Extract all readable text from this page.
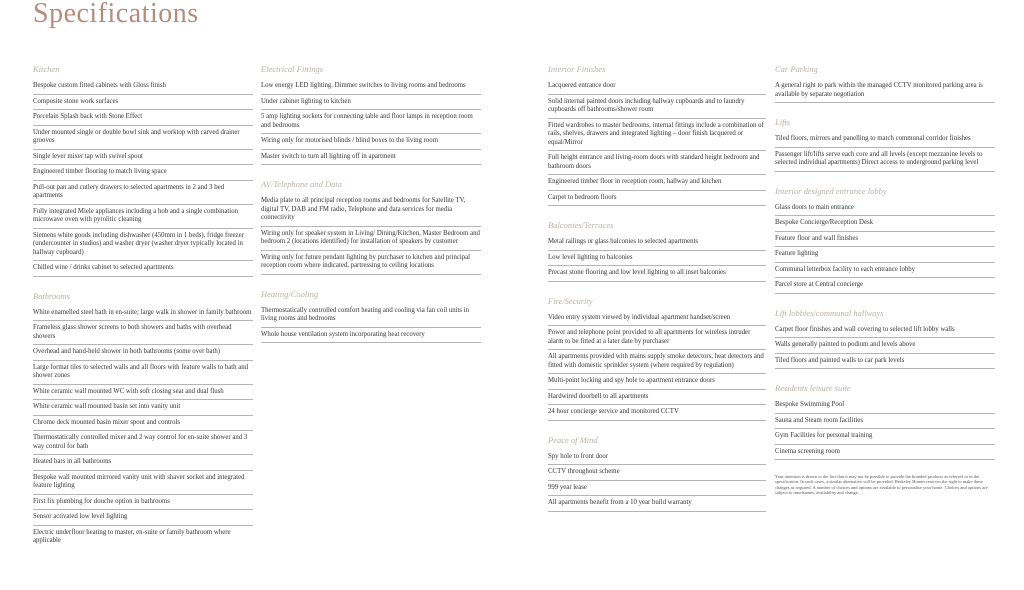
Specifications
Kitchen
Bespoke custom fitted cabinets with Gloss finish
Composite stone work surfaces
Porcelain Splash back with Stone Effect
Under mounted single or double bowl sink and worktop with carved drainer grooves
Single lever mixer tap with swivel spout
Engineered timber flooring to match living space
Pull-out pan and cutlery drawers to selected apartments in 2 and 3 bed apartments
Fully integrated Miele appliances including a hob and a single combination microwave oven with pyrolitic cleaning
Siemens white goods including dishwasher (450mm in 1 beds), fridge freezer (undercounter in studios) and washer dryer (washer dryer typically located in hallway cupboard)
Chilled wine / drinks cabinet to selected apartments
Bathrooms
White enamelled steel bath in en-suite; large walk in shower in family bathroom
Frameless glass shower screens to both showers and baths with overhead showers
Overhead and hand-held shower in both bathrooms (some over bath)
Large format tiles to selected walls and all floors with feature walls to bath and shower zones
White ceramic wall mounted WC with soft closing seat and dual flush
White ceramic wall mounted basin set into vanity unit
Chrome deck mounted basin mixer spout and controls
Thermostatically controlled mixer and 2 way control for en-suite shower and 3 way control for bath
Heated bars in all bathrooms
Bespoke wall mounted mirrored vanity unit with shaver socket and integrated feature lighting
First fix plumbing for douche option in bathrooms
Sensor activated low level lighting
Electric underfloor heating to master, en-suite or family bathroom where applicable
Electrical Fittings
Low energy LED lighting. Dimmer switches to living rooms and bedrooms
Under cabinet lighting to kitchen
5 amp lighting sockets for connecting table and floor lamps in reception room and bedrooms
Wiring only for motorised blinds / blind boxes to the living room
Master switch to turn all lighting off in apartment
AV/Telephone and Data
Media plate to all principal reception rooms and bedrooms for Satellite TV, digital TV, DAB and FM radio, Telephone and data services for media connectivity
Wiring only for speaker system in Living/ Dining/Kitchen, Master Bedroom and bedroom 2 (locations identified) for installation of speakers by customer
Wiring only for future pendant lighting by purchaser to kitchen and principal reception room where indicated, partressing to ceiling locations
Heating/Cooling
Thermostatically controlled comfort heating and cooling via fan coil units in living rooms and bedrooms
Whole house ventilation system incorporating heat recovery
Interior Finishes
Lacquered entrance door
Solid internal painted doors including hallway cupboards and to laundry cupboards off bathrooms/shower room
Fitted wardrobes to master bedrooms, internal fittings include a combination of rails, shelves, drawers and integrated lighting – door finish lacquered or equal/Mirror
Full height entrance and living-room doors with standard height bedroom and bathroom doors
Engineered timber floor in reception room, hallway and kitchen
Carpet to bedroom floors
Balconies/Terraces
Metal railings or glass balconies to selected apartments
Low level lighting to balconies
Precast stone flooring and low level lighting to all inset balconies
Fire/Security
Video entry system viewed by individual apartment handset/screen
Power and telephone point provided to all apartments for wireless intruder alarm to be fitted at a later date by purchaser
All apartments provided with mains supply smoke detectors, heat detectors and fitted with domestic sprinkler system (where required by regulation)
Multi-point locking and spy hole to apartment entrance doors
Hardwired doorbell to all apartments
24 hour concierge service and monitored CCTV
Peace of Mind
Spy hole to front door
CCTV throughout scheme
999 year lease
All apartments benefit from a 10 year build warranty
Car Parking
A general right to park within the managed CCTV monitored parking area is available by separate negotiation
Lifts
Tiled floors, mirrors and panelling to match communal corridor finishes
Passenger lift/lifts serve each core and all levels (except mezzanine levels to selected individual apartments) Direct access to underground parking level
Interior designed entrance lobby
Glass doors to main entrance
Bespoke Concierge/Reception Desk
Feature floor and wall finishes
Feature lighting
Communal letterbox facility to each entrance lobby
Parcel store at Central concierge
Lift lobbies/communal hallways
Carpet floor finishes and wall covering to selected lift lobby walls
Walls generally painted to podium and levels above
Tiled floors and painted walls to car park levels
Residents leisure suite
Bespoke Swimming Pool
Sauna and Steam room facilities
Gym Facilities for personal training
Cinema screening room
Your attention is drawn to the fact that it may not be possible to provide the branded products as referred to in the specification. In such cases, a similar alternative will be provided. Berkeley Homes reserves the right to make these changes as required. A number of choices and options are available to personalise your home. Choices and options are subject to timeframes, availability and change.
